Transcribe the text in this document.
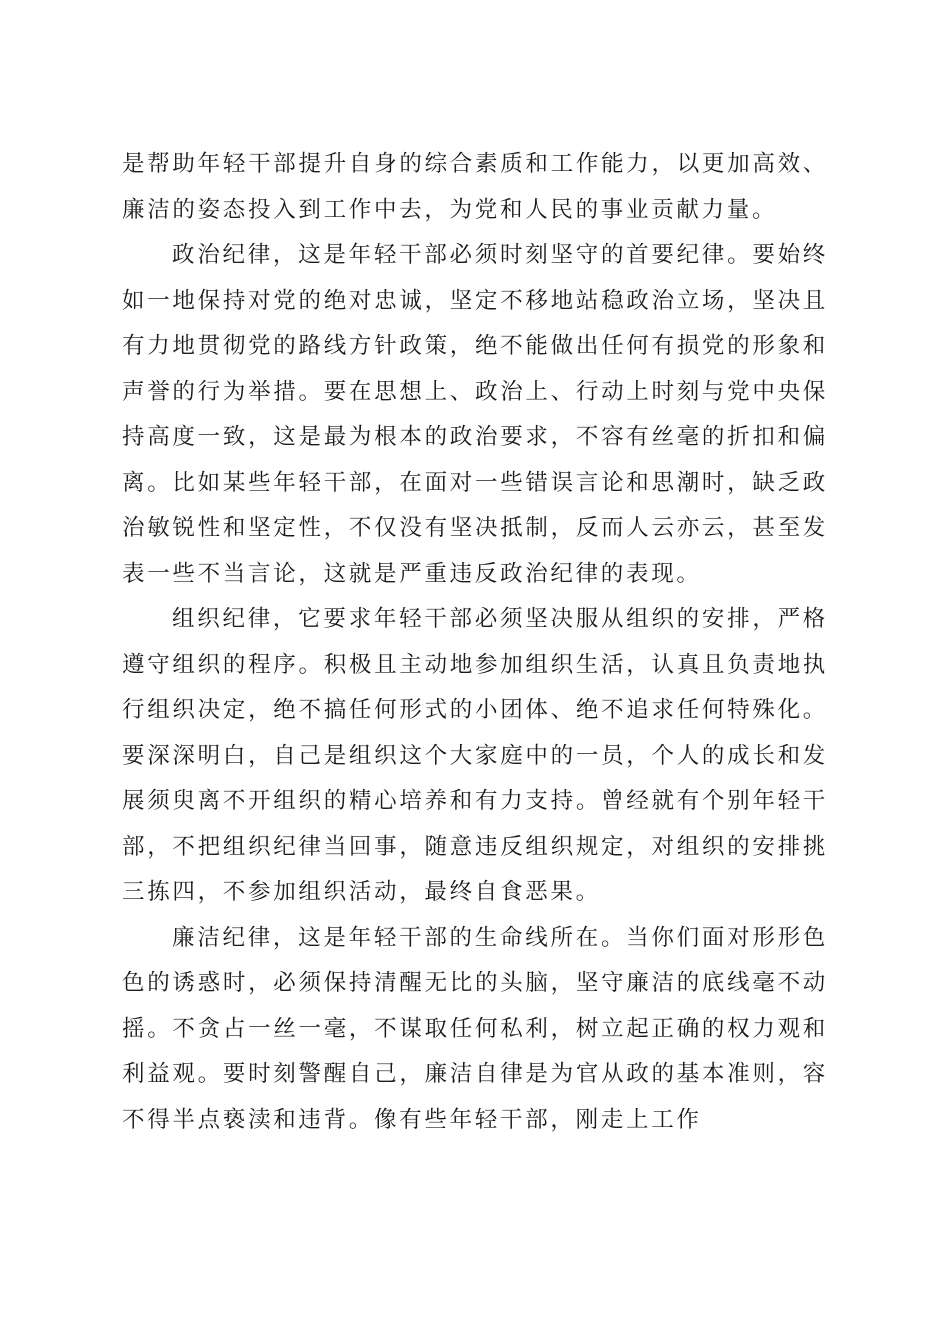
是帮助年轻干部提升自身的综合素质和工作能力，以更加高效、廉洁的姿态投入到工作中去，为党和人民的事业贡献力量。

政治纪律，这是年轻干部必须时刻坚守的首要纪律。要始终如一地保持对党的绝对忠诚，坚定不移地站稳政治立场，坚决且有力地贯彻党的路线方针政策，绝不能做出任何有损党的形象和声誉的行为举措。要在思想上、政治上、行动上时刻与党中央保持高度一致，这是最为根本的政治要求，不容有丝毫的折扣和偏离。比如某些年轻干部，在面对一些错误言论和思潮时，缺乏政治敏锐性和坚定性，不仅没有坚决抵制，反而人云亦云，甚至发表一些不当言论，这就是严重违反政治纪律的表现。

组织纪律，它要求年轻干部必须坚决服从组织的安排，严格遵守组织的程序。积极且主动地参加组织生活，认真且负责地执行组织决定，绝不搞任何形式的小团体、绝不追求任何特殊化。要深深明白，自己是组织这个大家庭中的一员，个人的成长和发展须臾离不开组织的精心培养和有力支持。曾经就有个别年轻干部，不把组织纪律当回事，随意违反组织规定，对组织的安排挑三拣四，不参加组织活动，最终自食恶果。

廉洁纪律，这是年轻干部的生命线所在。当你们面对形形色色的诱惑时，必须保持清醒无比的头脑，坚守廉洁的底线毫不动摇。不贪占一丝一毫，不谋取任何私利，树立起正确的权力观和利益观。要时刻警醒自己，廉洁自律是为官从政的基本准则，容不得半点亵渎和违背。像有些年轻干部，刚走上工作
